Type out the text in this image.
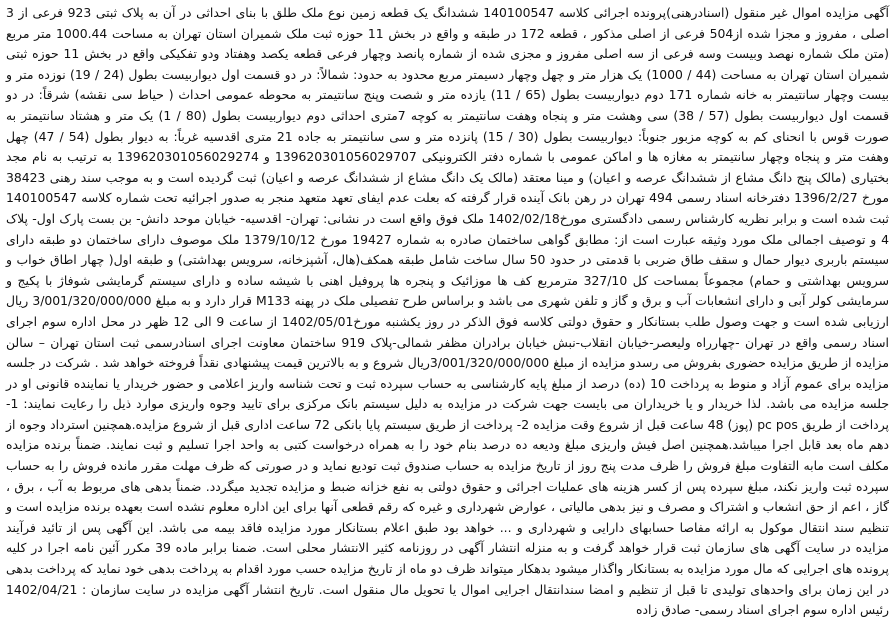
آگهی مزایده اموال غیر منقول (اسنادرهنی)پرونده اجرائی کلاسه 140100547 ششدانگ یک قطعه زمین نوع ملک طلق با بنای احداثی در آن به پلاک ثبتی 923 فرعی از 3 اصلی ، مفروز و مجزا شده از504 فرعی از اصلی مذکور ، قطعه 172 در طبقه و واقع در بخش 11 حوزه ثبت ملک شمیران استان تهران به مساحت 1000.44 متر مربع (متن ملک شماره نهصد وبیست وسه فرعی از سه اصلی مفروز و مجزی شده از شماره پانصد وچهار فرعی قطعه یکصد وهفتاد ودو تفکیکی واقع در بخش 11 حوزه ثبتی شمیران استان تهران به مساحت (44 / 1000) یک هزار متر و چهل وچهار دسیمتر مربع محدود به حدود: شمالاً: در دو قسمت اول دیواربیست بطول (24 / 19) نوزده متر و بیست وچهار سانتیمتر به خانه شماره 171 دوم دیواربیست بطول (65 / 11) یازده متر و شصت وپنج سانتیمتر به محوطه عمومی احداث ( حیاط سی نقشه) شرقاً: در دو قسمت اول دیواربیست بطول (57 / 38) سی وهشت متر و پنجاه وهفت سانتیمتر به کوچه 7متری احداثی دوم دیواربیست بطول (80 / 1) یک متر و هشتاد سانتیمتر به صورت قوس با انحنای کم به کوچه مزبور جنوباً: دیواربیست بطول (30 / 15) پانزده متر و سی سانتیمتر به جاده 21 متری اقدسیه غرباً: به دیوار بطول (54 / 47) چهل وهفت متر و پنجاه وچهار سانتیمتر به مغازه ها و اماکن عمومی با شماره دفتر الکترونیکی 139620301056029707 و 139620301056029274 به ترتیب به نام مجد بختیاری (مالک پنج دانگ مشاع از ششدانگ عرصه و اعیان) و مینا معتقد (مالک یک دانگ مشاع از ششدانگ عرصه و اعیان) ثبت گردیده است و به موجب سند رهنی 38423 مورخ 1396/2/27 دفترخانه اسناد رسمی 494 تهران در رهن بانک آینده قرار گرفته که بعلت عدم ایفای تعهد متعهد منجر به صدور اجرائیه تحت شماره کلاسه 140100547 ثبت شده است و برابر نظریه کارشناس رسمی دادگستری مورخ1402/02/18 ملک فوق واقع است در نشانی: تهران- اقدسیه- خیابان موحد دانش- بن بست پارک اول- پلاک 4 و توصیف اجمالی ملک مورد وثیقه عبارت است از: مطابق گواهی ساختمان صادره به شماره 19427 مورخ 1379/10/12 ملک موصوف دارای ساختمان دو طبقه دارای سیستم باربری دیوار حمال و سقف طاق ضربی با قدمتی در حدود 50 سال ساخت شامل طبقه همکف(هال، آشپزخانه، سرویس بهداشتی) و طبقه اول( چهار اطاق خواب و سرویس بهداشتی و حمام) مجموعاً بمساحت کل 327/10 مترمربع کف ها موزائیک و پنجره ها پروفیل اهنی با شیشه ساده و دارای سیستم گرمایشی شوفاژ با پکیج و سرمایشی کولر آبی و دارای انشعابات آب و برق و گاز و تلفن شهری می باشد و براساس طرح تفصیلی ملک در پهنه M133 قرار دارد و به مبلغ 3/001/320/000/000 ریال ارزیابی شده است و جهت وصول طلب بستانکار و حقوق دولتی کلاسه فوق الذکر در روز یکشنبه مورخ1402/05/01 از ساعت 9 الی 12 ظهر در محل اداره سوم اجرای اسناد رسمی واقع در تهران -چهارراه ولیعصر-خیابان انقلاب-نبش خیابان برادران مظفر شمالی-پلاک 919 ساختمان معاونت اجرای اسنادرسمی ثبت استان تهران – سالن مزایده از طریق مزایده حضوری بفروش می رسدو مزایده از مبلغ 3/001/320/000/000ریال شروع و به بالاترین قیمت پیشنهادی نقداً فروخته خواهد شد . شرکت در جلسه مزایده برای عموم آزاد و منوط به پرداخت 10 (ده) درصد از مبلغ پایه کارشناسی به حساب سپرده ثبت و تحت شناسه واریز اعلامی و حضور خریدار یا نماینده قانونی او در جلسه مزایده می باشد. لذا خریدار و یا خریداران می بایست جهت شرکت در مزایده به دلیل سیستم بانک مرکزی برای تایید وجوه واریزی موارد ذیل را رعایت نمایند: 1- پرداخت از طریق pc pos (پوز) 48 ساعت قبل از شروع وقت مزایده 2- پرداخت از طریق سیستم پایا بانکی 72 ساعت اداری قبل از شروع مزایده.همچنین استرداد وجوه از دهم ماه بعد قابل اجرا میباشد.همچنین اصل فیش واریزی مبلغ ودیعه ده درصد بنام خود را به همراه درخواست کتبی به واحد اجرا تسلیم و ثبت نمایند. ضمناً برنده مزایده مکلف است مابه التفاوت مبلغ فروش را ظرف مدت پنج روز از تاریخ مزایده به حساب صندوق ثبت تودیع نماید و در صورتی که ظرف مهلت مقرر مانده فروش را به حساب سپرده ثبت واریز نکند، مبلغ سپرده پس از کسر هزینه های عملیات اجرائی و حقوق دولتی به نفع خزانه ضبط و مزایده تجدید میگردد. ضمناً بدهی های مربوط به آب ، برق ، گاز ، اعم از حق انشعاب و اشتراک و مصرف و نیز بدهی مالیاتی ، عوارض شهرداری و غیره که رقم قطعی آنها برای این اداره معلوم نشده است بعهده برنده مزایده است و تنظیم سند انتقال موکول به ارائه مفاصا حسابهای دارایی و شهرداری و ... خواهد بود طبق اعلام بستانکار مورد مزایده فاقد بیمه می باشد. این آگهی پس از تائید فرآیند مزایده در سایت آگهی های سازمان ثبت قرار خواهد گرفت و به منزله انتشار آگهی در روزنامه کثیر الانتشار محلی است. ضمنا برابر ماده 39 مکرر آئین نامه اجرا در کلیه پرونده های اجرایی که مال مورد مزایده به بستانکار واگذار میشود بدهکار میتواند ظرف دو ماه از تاریخ مزایده حسب مورد اقدام به پرداخت بدهی خود نماید که پرداخت بدهی در این زمان برای واحدهای تولیدی تا قبل از تنظیم و امضا سندانتقال اجرایی اموال یا تحویل مال منقول است. تاریخ انتشار آگهی مزایده در سایت سازمان : 1402/04/21 رئیس اداره سوم اجرای اسناد رسمی- صادق زاده
